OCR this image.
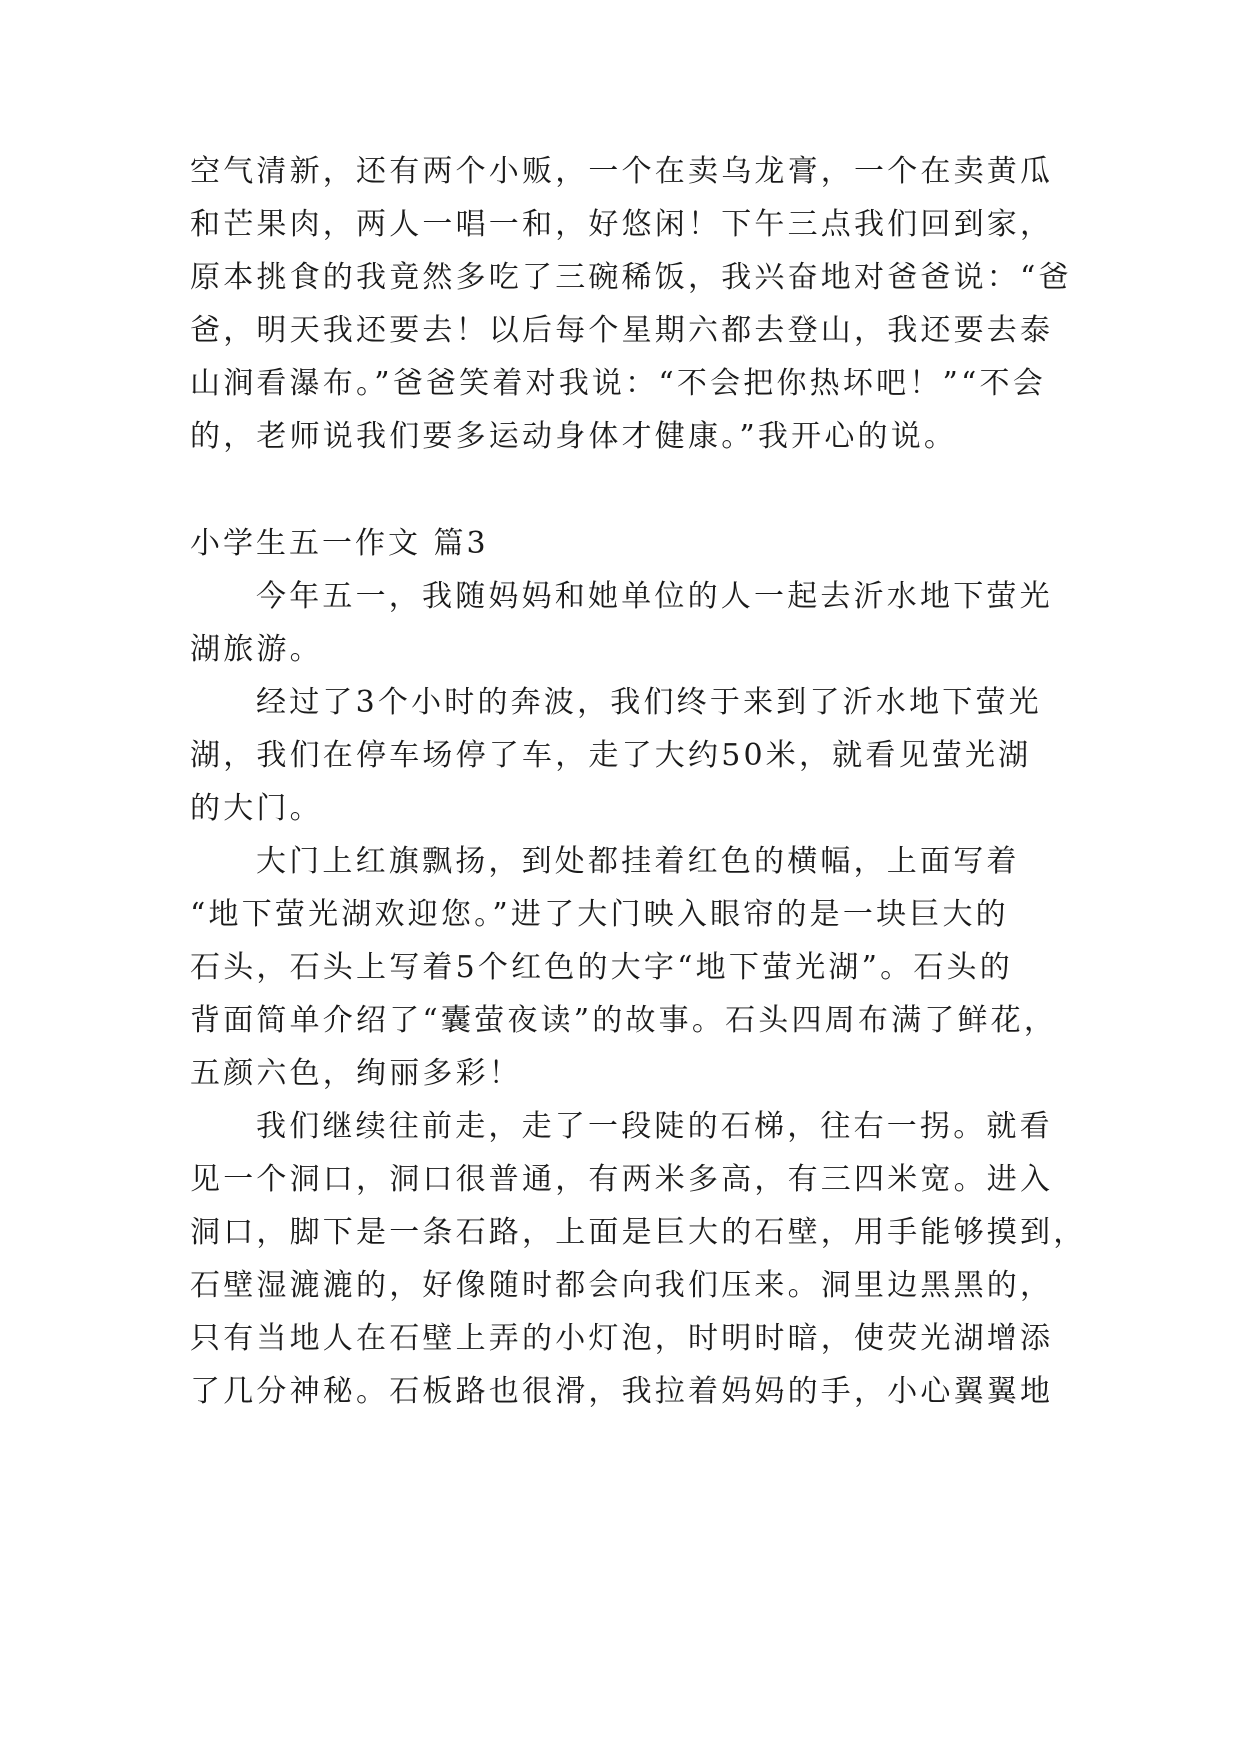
空气清新，还有两个小贩，一个在卖乌龙膏，一个在卖黄瓜
和芒果肉，两人一唱一和，好悠闲！下午三点我们回到家，
原本挑食的我竟然多吃了三碗稀饭，我兴奋地对爸爸说：“爸
爸，明天我还要去！以后每个星期六都去登山，我还要去泰
山涧看瀑布。”爸爸笑着对我说：“不会把你热坏吧！”“不会
的，老师说我们要多运动身体才健康。”我开心的说。
小学生五一作文 篇3
今年五一，我随妈妈和她单位的人一起去沂水地下萤光
湖旅游。
经过了3个小时的奔波，我们终于来到了沂水地下萤光
湖，我们在停车场停了车，走了大约50米，就看见萤光湖
的大门。
大门上红旗飘扬，到处都挂着红色的横幅，上面写着
“地下萤光湖欢迎您。”进了大门映入眼帘的是一块巨大的
石头，石头上写着5个红色的大字“地下萤光湖”。石头的
背面简单介绍了“囊萤夜读”的故事。石头四周布满了鲜花，
五颜六色，绚丽多彩！
我们继续往前走，走了一段陡的石梯，往右一拐。就看
见一个洞口，洞口很普通，有两米多高，有三四米宽。进入
洞口，脚下是一条石路，上面是巨大的石壁，用手能够摸到，
石壁湿漉漉的，好像随时都会向我们压来。洞里边黑黑的，
只有当地人在石壁上弄的小灯泡，时明时暗，使荧光湖增添
了几分神秘。石板路也很滑，我拉着妈妈的手，小心翼翼地
